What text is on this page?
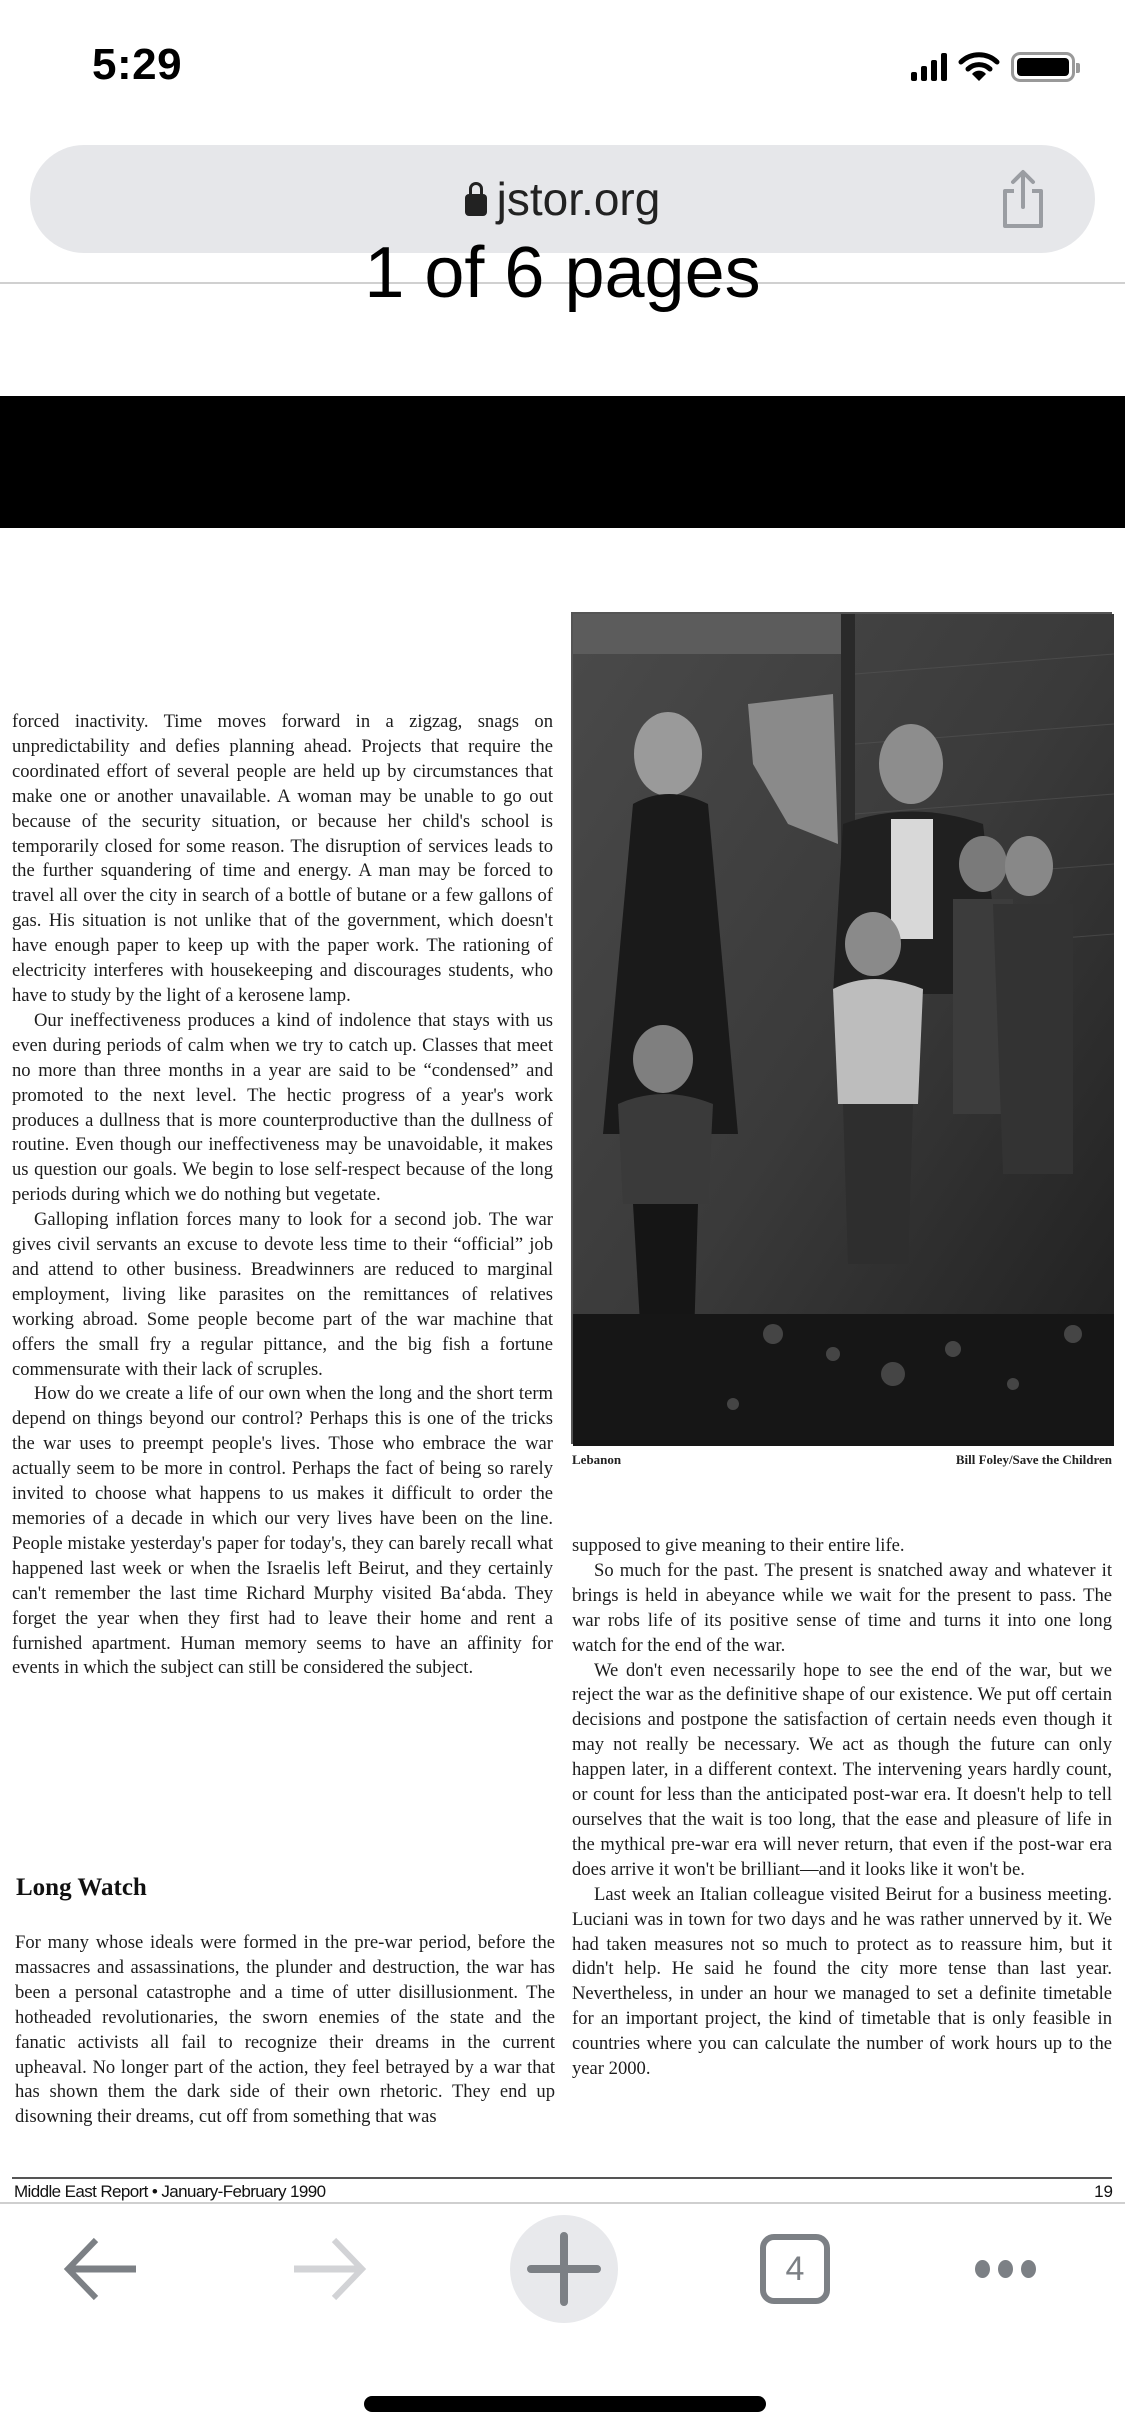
5:29
jstor.org
1 of 6 pages

forced inactivity. Time moves forward in a zigzag, snags on unpredictability and defies planning ahead. Projects that require the coordinated effort of several people are held up by circumstances that make one or another unavailable. A woman may be unable to go out because of the security situation, or because her child's school is temporarily closed for some reason. The disruption of services leads to the further squandering of time and energy. A man may be forced to travel all over the city in search of a bottle of butane or a few gallons of gas. His situation is not unlike that of the government, which doesn't have enough paper to keep up with the paper work. The rationing of electricity interferes with housekeeping and discourages students, who have to study by the light of a kerosene lamp.

Our ineffectiveness produces a kind of indolence that stays with us even during periods of calm when we try to catch up. Classes that meet no more than three months in a year are said to be “condensed” and promoted to the next level. The hectic progress of a year's work produces a dullness that is more counterproductive than the dullness of routine. Even though our ineffectiveness may be unavoidable, it makes us question our goals. We begin to lose self-respect because of the long periods during which we do nothing but vegetate.

Galloping inflation forces many to look for a second job. The war gives civil servants an excuse to devote less time to their “official” job and attend to other business. Breadwinners are reduced to marginal employment, living like parasites on the remittances of relatives working abroad. Some people become part of the war machine that offers the small fry a regular pittance, and the big fish a fortune commensurate with their lack of scruples.

How do we create a life of our own when the long and the short term depend on things beyond our control? Perhaps this is one of the tricks the war uses to preempt people's lives. Those who embrace the war actually seem to be more in control. Perhaps the fact of being so rarely invited to choose what happens to us makes it difficult to order the memories of a decade in which our very lives have been on the line. People mistake yesterday's paper for today's, they can barely recall what happened last week or when the Israelis left Beirut, and they certainly can't remember the last time Richard Murphy visited Ba‘abda. They forget the year when they first had to leave their home and rent a furnished apartment. Human memory seems to have an affinity for events in which the subject can still be considered the subject.

Long Watch

For many whose ideals were formed in the pre-war period, before the massacres and assassinations, the plunder and destruction, the war has been a personal catastrophe and a time of utter disillusionment. The hotheaded revolutionaries, the sworn enemies of the state and the fanatic activists all fail to recognize their dreams in the current upheaval. No longer part of the action, they feel betrayed by a war that has shown them the dark side of their own rhetoric. They end up disowning their dreams, cut off from something that was

Lebanon	Bill Foley/Save the Children

supposed to give meaning to their entire life.

So much for the past. The present is snatched away and whatever it brings is held in abeyance while we wait for the present to pass. The war robs life of its positive sense of time and turns it into one long watch for the end of the war.

We don't even necessarily hope to see the end of the war, but we reject the war as the definitive shape of our existence. We put off certain decisions and postpone the satisfaction of certain needs even though it may not really be necessary. We act as though the future can only happen later, in a different context. The intervening years hardly count, or count for less than the anticipated post-war era. It doesn't help to tell ourselves that the wait is too long, that the ease and pleasure of life in the mythical pre-war era will never return, that even if the post-war era does arrive it won't be brilliant—and it looks like it won't be.

Last week an Italian colleague visited Beirut for a business meeting. Luciani was in town for two days and he was rather unnerved by it. We had taken measures not so much to protect as to reassure him, but it didn't help. He said he found the city more tense than last year. Nevertheless, in under an hour we managed to set a definite timetable for an important project, the kind of timetable that is only feasible in countries where you can calculate the number of work hours up to the year 2000.

Middle East Report • January-February 1990	19
4
